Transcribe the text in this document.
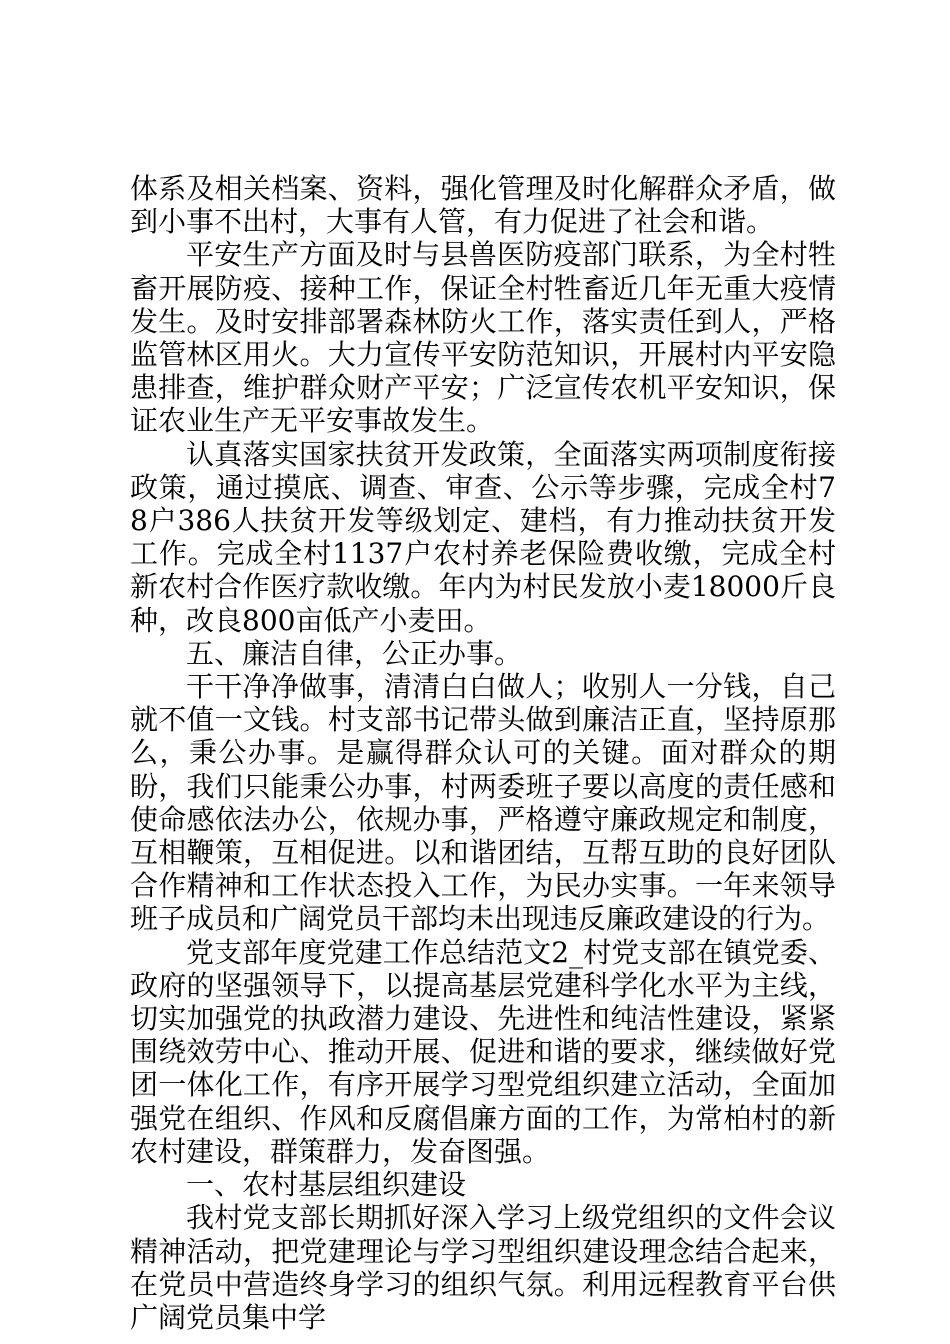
体系及相关档案、资料，强化管理及时化解群众矛盾，做到小事不出村，大事有人管，有力促进了社会和谐。

平安生产方面及时与县兽医防疫部门联系，为全村牲畜开展防疫、接种工作，保证全村牲畜近几年无重大疫情发生。及时安排部署森林防火工作，落实责任到人，严格监管林区用火。大力宣传平安防范知识，开展村内平安隐患排查，维护群众财产平安；广泛宣传农机平安知识，保证农业生产无平安事故发生。

认真落实国家扶贫开发政策，全面落实两项制度衔接政策，通过摸底、调查、审查、公示等步骤，完成全村78户386人扶贫开发等级划定、建档，有力推动扶贫开发工作。完成全村1137户农村养老保险费收缴，完成全村新农村合作医疗款收缴。年内为村民发放小麦18000斤良种，改良800亩低产小麦田。

五、廉洁自律，公正办事。

干干净净做事，清清白白做人；收别人一分钱，自己就不值一文钱。村支部书记带头做到廉洁正直，坚持原那么，秉公办事。是赢得群众认可的关键。面对群众的期盼，我们只能秉公办事，村两委班子要以高度的责任感和使命感依法办公，依规办事，严格遵守廉政规定和制度，互相鞭策，互相促进。以和谐团结，互帮互助的良好团队合作精神和工作状态投入工作，为民办实事。一年来领导班子成员和广阔党员干部均未出现违反廉政建设的行为。

党支部年度党建工作总结范文2_村党支部在镇党委、政府的坚强领导下，以提高基层党建科学化水平为主线，切实加强党的执政潜力建设、先进性和纯洁性建设，紧紧围绕效劳中心、推动开展、促进和谐的要求，继续做好党团一体化工作，有序开展学习型党组织建立活动，全面加强党在组织、作风和反腐倡廉方面的工作，为常柏村的新农村建设，群策群力，发奋图强。

一、农村基层组织建设

我村党支部长期抓好深入学习上级党组织的文件会议精神活动，把党建理论与学习型组织建设理念结合起来，在党员中营造终身学习的组织气氛。利用远程教育平台供广阔党员集中学
